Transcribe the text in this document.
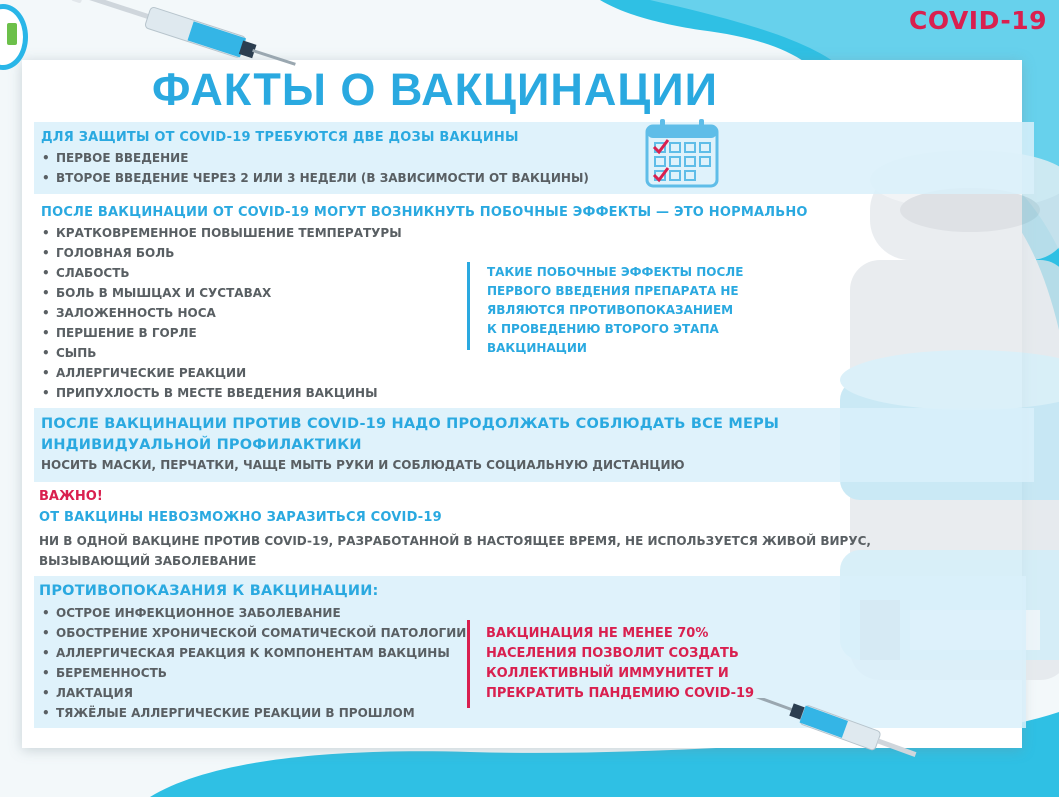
COVID-19
ФАКТЫ О ВАКЦИНАЦИИ
ДЛЯ ЗАЩИТЫ ОТ COVID-19 ТРЕБУЮТСЯ ДВЕ ДОЗЫ ВАКЦИНЫ
• ПЕРВОЕ ВВЕДЕНИЕ
• ВТОРОЕ ВВЕДЕНИЕ ЧЕРЕЗ 2 ИЛИ 3 НЕДЕЛИ (В ЗАВИСИМОСТИ ОТ ВАКЦИНЫ)
ПОСЛЕ ВАКЦИНАЦИИ ОТ COVID-19 МОГУТ ВОЗНИКНУТЬ ПОБОЧНЫЕ ЭФФЕКТЫ — ЭТО НОРМАЛЬНО
• КРАТКОВРЕМЕННОЕ ПОВЫШЕНИЕ ТЕМПЕРАТУРЫ
• ГОЛОВНАЯ БОЛЬ
• СЛАБОСТЬ
• БОЛЬ В МЫШЦАХ И СУСТАВАХ
• ЗАЛОЖЕННОСТЬ НОСА
• ПЕРШЕНИЕ В ГОРЛЕ
• СЫПЬ
• АЛЛЕРГИЧЕСКИЕ РЕАКЦИИ
• ПРИПУХЛОСТЬ В МЕСТЕ ВВЕДЕНИЯ ВАКЦИНЫ
ТАКИЕ ПОБОЧНЫЕ ЭФФЕКТЫ ПОСЛЕ
ПЕРВОГО ВВЕДЕНИЯ ПРЕПАРАТА НЕ
ЯВЛЯЮТСЯ ПРОТИВОПОКАЗАНИЕМ
К ПРОВЕДЕНИЮ ВТОРОГО ЭТАПА
ВАКЦИНАЦИИ
ПОСЛЕ ВАКЦИНАЦИИ ПРОТИВ COVID-19 НАДО ПРОДОЛЖАТЬ СОБЛЮДАТЬ ВСЕ МЕРЫ
ИНДИВИДУАЛЬНОЙ ПРОФИЛАКТИКИ
НОСИТЬ МАСКИ, ПЕРЧАТКИ, ЧАЩЕ МЫТЬ РУКИ И СОБЛЮДАТЬ СОЦИАЛЬНУЮ ДИСТАНЦИЮ
ВАЖНО!
ОТ ВАКЦИНЫ НЕВОЗМОЖНО ЗАРАЗИТЬСЯ COVID-19
НИ В ОДНОЙ ВАКЦИНЕ ПРОТИВ COVID-19, РАЗРАБОТАННОЙ В НАСТОЯЩЕЕ ВРЕМЯ, НЕ ИСПОЛЬЗУЕТСЯ ЖИВОЙ ВИРУС,
ВЫЗЫВАЮЩИЙ ЗАБОЛЕВАНИЕ
ПРОТИВОПОКАЗАНИЯ К ВАКЦИНАЦИИ:
• ОСТРОЕ ИНФЕКЦИОННОЕ ЗАБОЛЕВАНИЕ
• ОБОСТРЕНИЕ ХРОНИЧЕСКОЙ СОМАТИЧЕСКОЙ ПАТОЛОГИИ
• АЛЛЕРГИЧЕСКАЯ РЕАКЦИЯ К КОМПОНЕНТАМ ВАКЦИНЫ
• БЕРЕМЕННОСТЬ
• ЛАКТАЦИЯ
• ТЯЖЁЛЫЕ АЛЛЕРГИЧЕСКИЕ РЕАКЦИИ В ПРОШЛОМ
ВАКЦИНАЦИЯ НЕ МЕНЕЕ 70%
НАСЕЛЕНИЯ ПОЗВОЛИТ СОЗДАТЬ
КОЛЛЕКТИВНЫЙ ИММУНИТЕТ И
ПРЕКРАТИТЬ ПАНДЕМИЮ COVID-19
